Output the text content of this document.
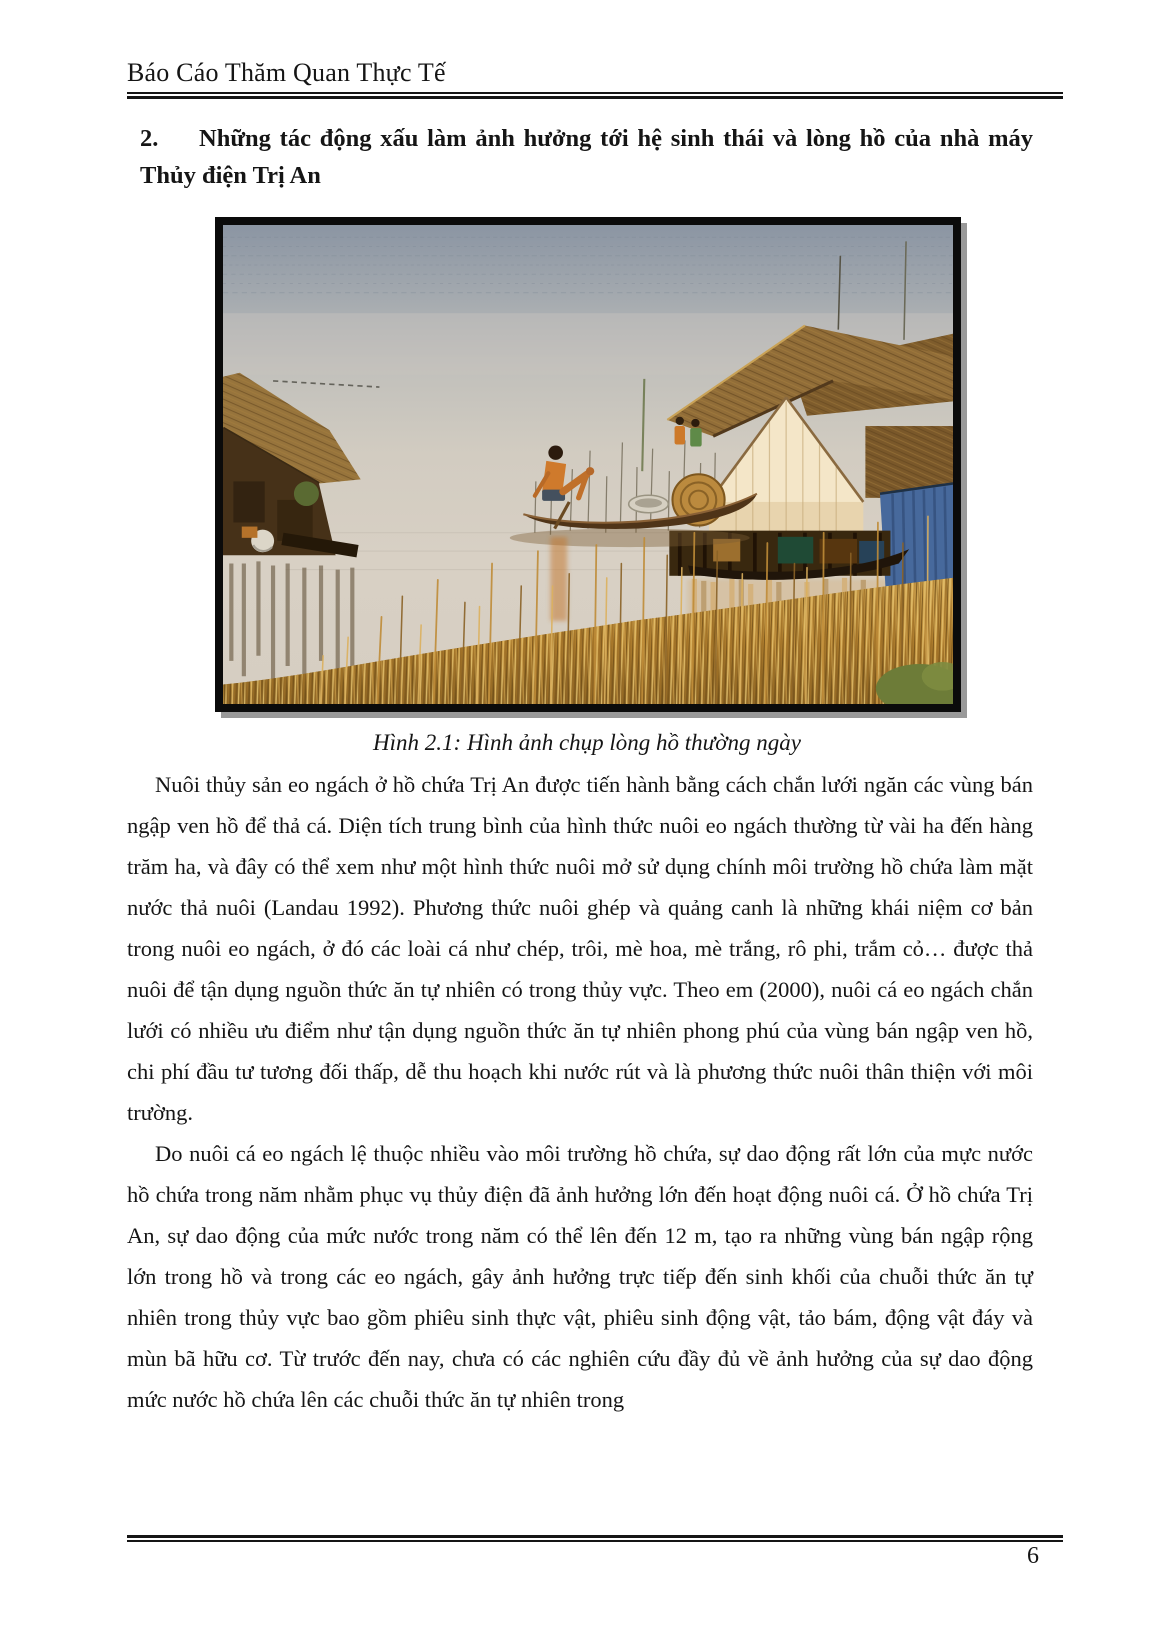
Báo Cáo Thăm Quan Thực Tế
2. Những tác động xấu làm ảnh hưởng tới hệ sinh thái và lòng hồ của nhà máy Thủy điện Trị An
Hình 2.1: Hình ảnh chụp lòng hồ thường ngày

Nuôi thủy sản eo ngách ở hồ chứa Trị An được tiến hành bằng cách chắn lưới ngăn các vùng bán ngập ven hồ để thả cá. Diện tích trung bình của hình thức nuôi eo ngách thường từ vài ha đến hàng trăm ha, và đây có thể xem như một hình thức nuôi mở sử dụng chính môi trường hồ chứa làm mặt nước thả nuôi (Landau 1992). Phương thức nuôi ghép và quảng canh là những khái niệm cơ bản trong nuôi eo ngách, ở đó các loài cá như chép, trôi, mè hoa, mè trắng, rô phi, trắm cỏ… được thả nuôi để tận dụng nguồn thức ăn tự nhiên có trong thủy vực. Theo em (2000), nuôi cá eo ngách chắn lưới có nhiều ưu điểm như tận dụng nguồn thức ăn tự nhiên phong phú của vùng bán ngập ven hồ, chi phí đầu tư tương đối thấp, dễ thu hoạch khi nước rút và là phương thức nuôi thân thiện với môi trường.

Do nuôi cá eo ngách lệ thuộc nhiều vào môi trường hồ chứa, sự dao động rất lớn của mực nước hồ chứa trong năm nhằm phục vụ thủy điện đã ảnh hưởng lớn đến hoạt động nuôi cá. Ở hồ chứa Trị An, sự dao động của mức nước trong năm có thể lên đến 12 m, tạo ra những vùng bán ngập rộng lớn trong hồ và trong các eo ngách, gây ảnh hưởng trực tiếp đến sinh khối của chuỗi thức ăn tự nhiên trong thủy vực bao gồm phiêu sinh thực vật, phiêu sinh động vật, tảo bám, động vật đáy và mùn bã hữu cơ. Từ trước đến nay, chưa có các nghiên cứu đầy đủ về ảnh hưởng của sự dao động mức nước hồ chứa lên các chuỗi thức ăn tự nhiên trong

6
